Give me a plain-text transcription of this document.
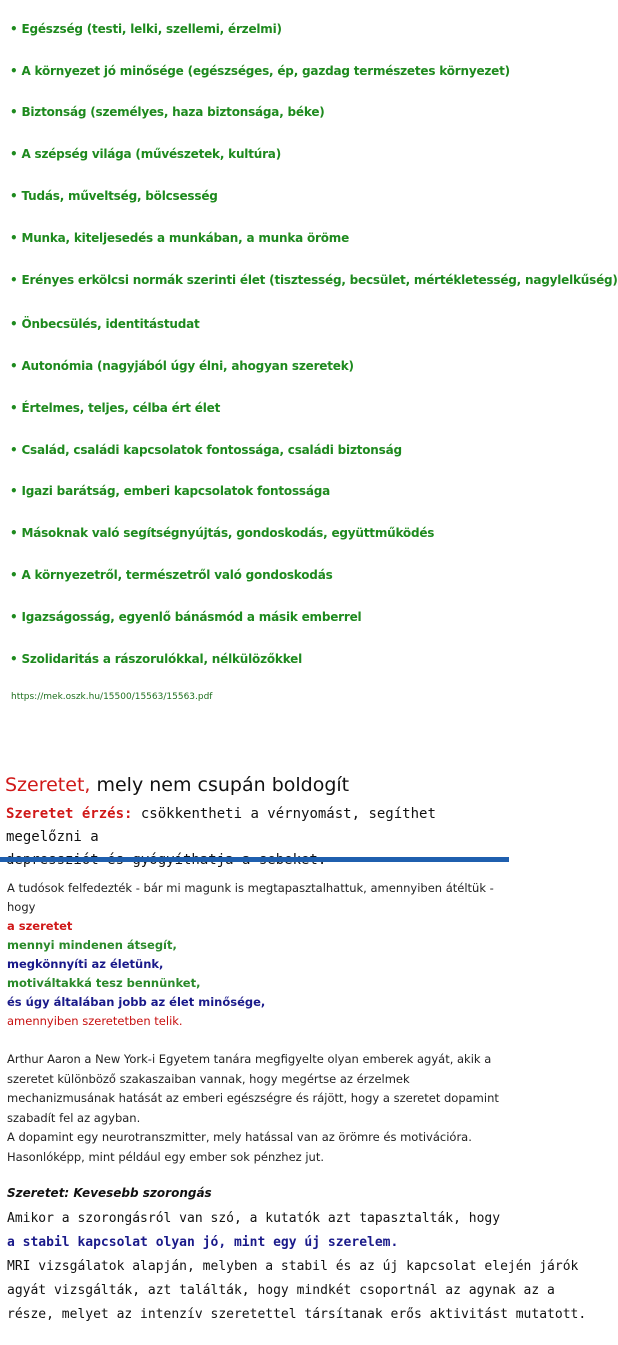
• Egészség (testi, lelki, szellemi, érzelmi)
• A környezet jó minősége (egészséges, ép, gazdag természetes környezet)
• Biztonság (személyes, haza biztonsága, béke)
• A szépség világa (művészetek, kultúra)
• Tudás, műveltség, bölcsesség
• Munka, kiteljesedés a munkában, a munka öröme
• Erényes erkölcsi normák szerinti élet (tisztesség, becsület, mértékletesség, nagylelkűség)
• Önbecsülés, identitástudat
• Autonómia (nagyjából úgy élni, ahogyan szeretek)
• Értelmes, teljes, célba ért élet
• Család, családi kapcsolatok fontossága, családi biztonság
• Igazi barátság, emberi kapcsolatok fontossága
• Másoknak való segítségnyújtás, gondoskodás, együttműködés
• A környezetről, természetről való gondoskodás
• Igazságosság, egyenlő bánásmód a másik emberrel
• Szolidaritás a rászorulókkal, nélkülözőkkel
https://mek.oszk.hu/15500/15563/15563.pdf
Szeretet, mely nem csupán boldogít
Szeretet érzés: csökkentheti a vérnyomást, segíthet megelőzni a

A tudósok felfedezték - bár mi magunk is megtapasztalhattuk, amennyiben átéltük -
hogy
a szeretet
mennyi mindenen átsegít,
megkönnyíti az életünk,
motiváltakká tesz bennünket,
és úgy általában jobb az élet minősége,
amennyiben szeretetben telik.
Arthur Aaron a New York-i Egyetem tanára megfigyelte olyan emberek agyát, akik a
szeretet különböző szakaszaiban vannak, hogy megértse az érzelmek
mechanizmusának hatását az emberi egészségre és rájött, hogy a szeretet dopamint
szabadít fel az agyban.
A dopamint egy neurotranszmitter, mely hatással van az örömre és motivációra.
Hasonlóképp, mint például egy ember sok pénzhez jut.
Szeretet: Kevesebb szorongás
Amikor a szorongásról van szó, a kutatók azt tapasztalták, hogy
a stabil kapcsolat olyan jó, mint egy új szerelem.
MRI vizsgálatok alapján, melyben a stabil és az új kapcsolat elején járók
agyát vizsgálták, azt találták, hogy mindkét csoportnál az agynak az a
része, melyet az intenzív szeretettel társítanak erős aktivitást mutatott.
